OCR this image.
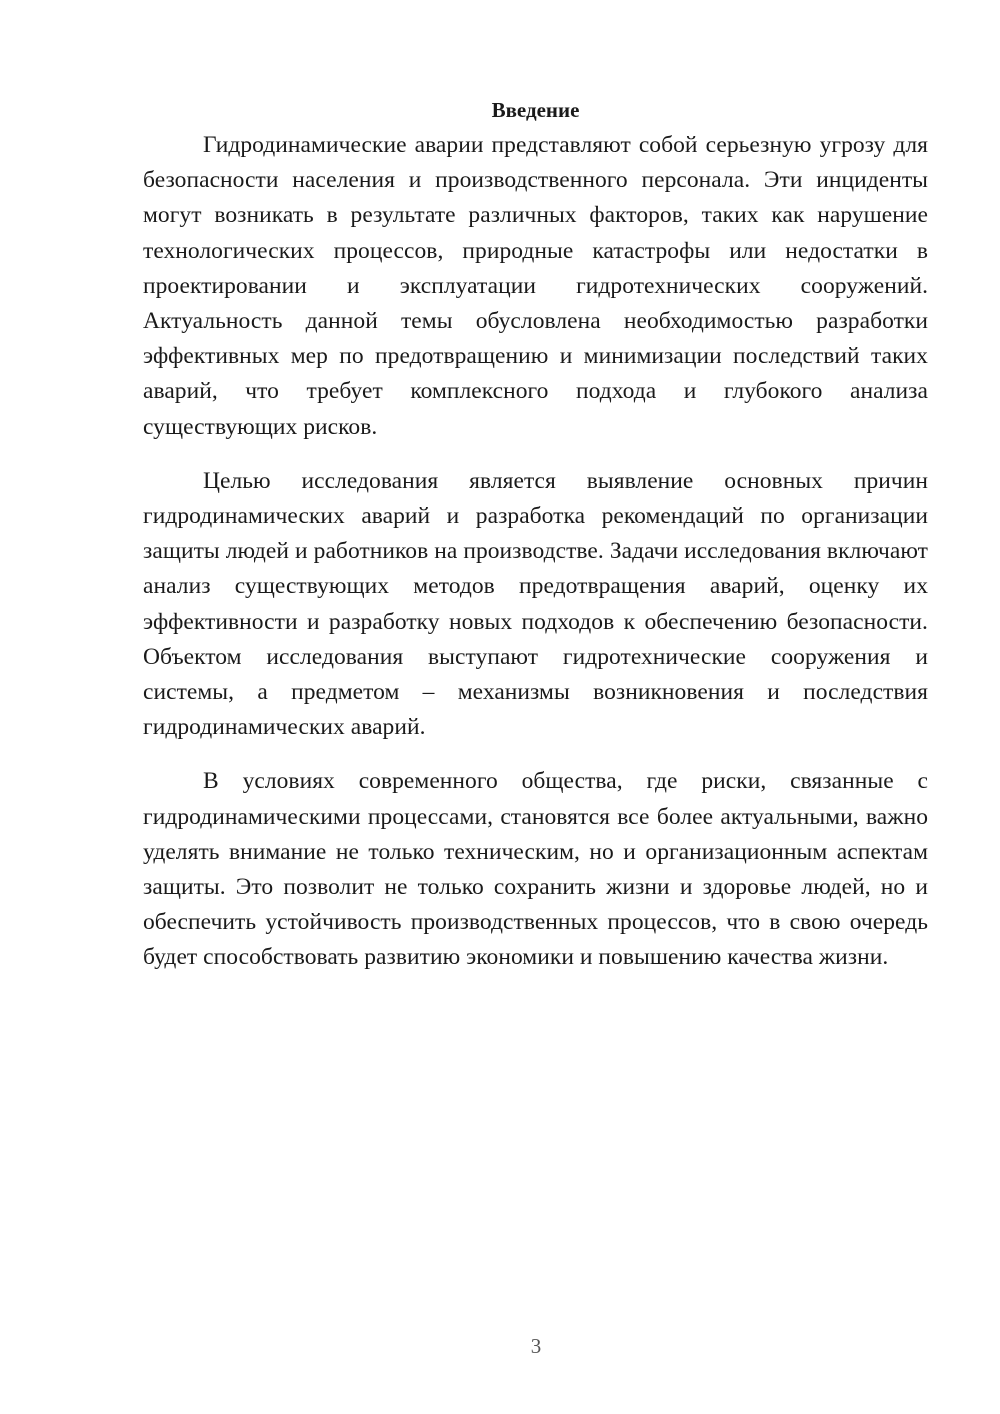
Введение

Гидродинамические аварии представляют собой серьезную угрозу для безопасности населения и производственного персонала. Эти инциденты могут возникать в результате различных факторов, таких как нарушение технологических процессов, природные катастрофы или недостатки в проектировании и эксплуатации гидротехнических сооружений. Актуальность данной темы обусловлена необходимостью разработки эффективных мер по предотвращению и минимизации последствий таких аварий, что требует комплексного подхода и глубокого анализа существующих рисков.

Целью исследования является выявление основных причин гидродинамических аварий и разработка рекомендаций по организации защиты людей и работников на производстве. Задачи исследования включают анализ существующих методов предотвращения аварий, оценку их эффективности и разработку новых подходов к обеспечению безопасности. Объектом исследования выступают гидротехнические сооружения и системы, а предметом – механизмы возникновения и последствия гидродинамических аварий.

В условиях современного общества, где риски, связанные с гидродинамическими процессами, становятся все более актуальными, важно уделять внимание не только техническим, но и организационным аспектам защиты. Это позволит не только сохранить жизни и здоровье людей, но и обеспечить устойчивость производственных процессов, что в свою очередь будет способствовать развитию экономики и повышению качества жизни.

3
